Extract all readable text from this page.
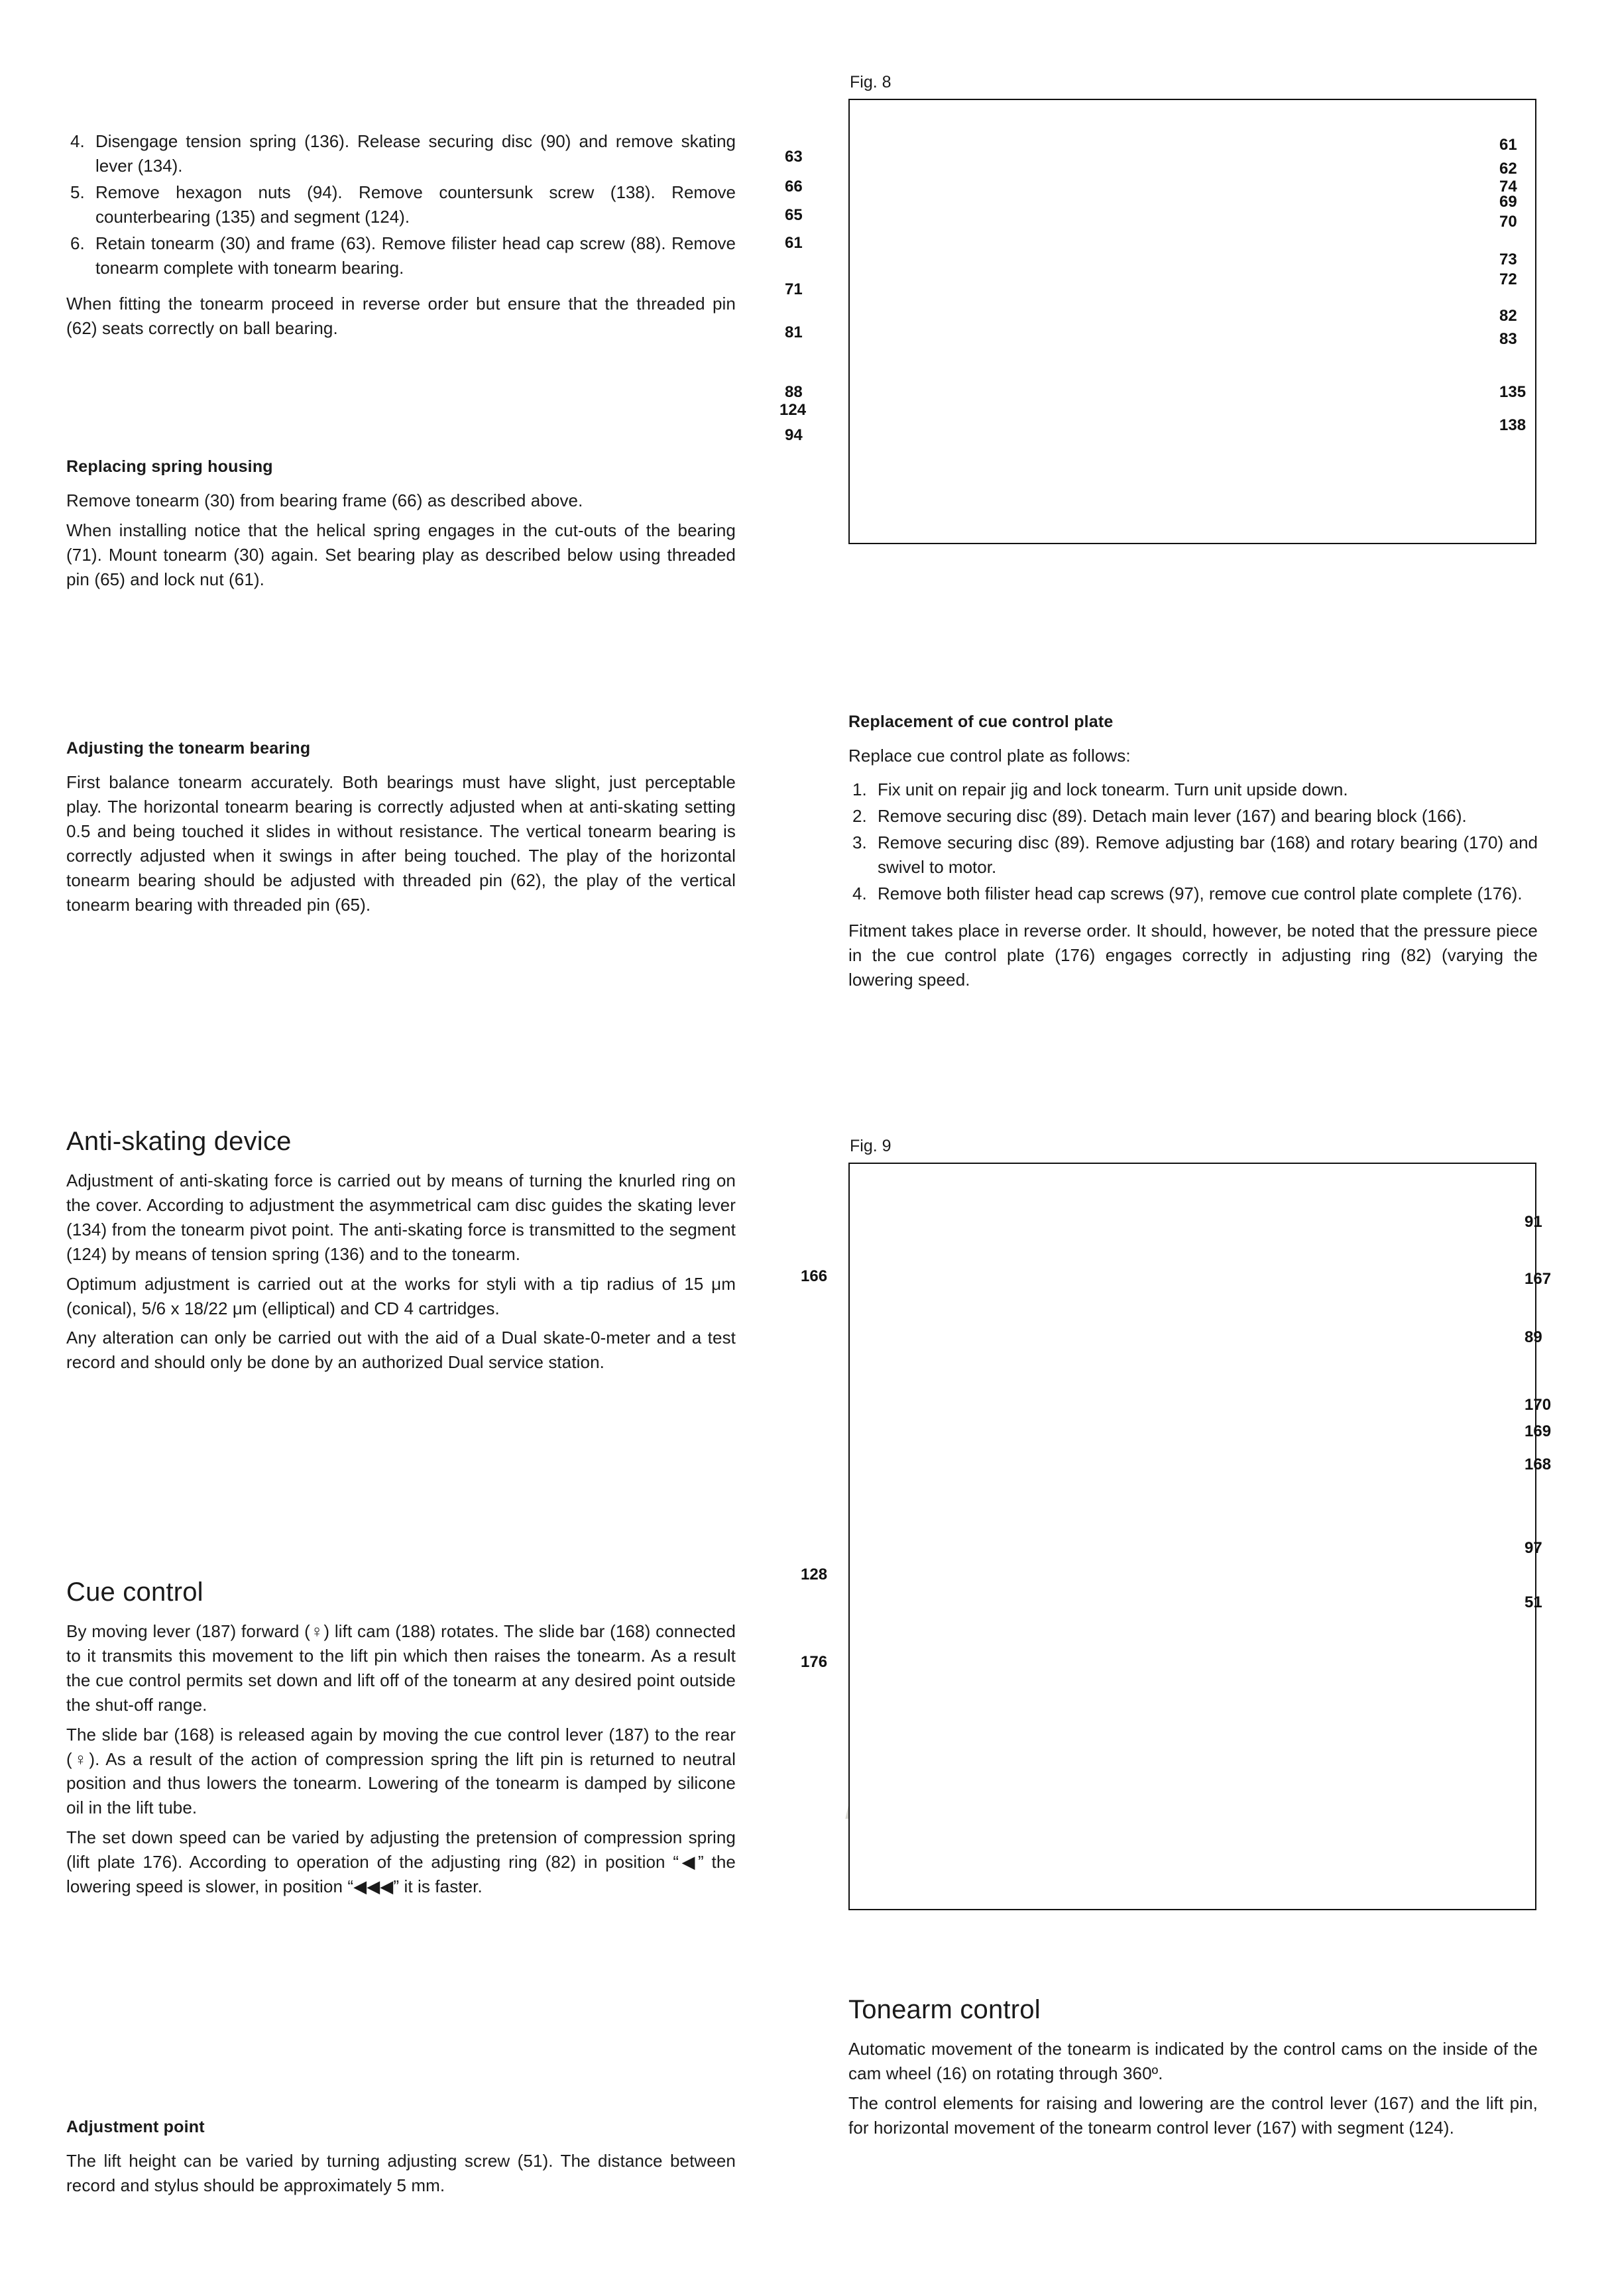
4. Disengage tension spring (136). Release securing disc (90) and remove skating lever (134).
5. Remove hexagon nuts (94). Remove countersunk screw (138). Remove counterbearing (135) and segment (124).
6. Retain tonearm (30) and frame (63). Remove filister head cap screw (88). Remove tonearm complete with tonearm bearing.

When fitting the tonearm proceed in reverse order but ensure that the threaded pin (62) seats correctly on ball bearing.

Replacing spring housing

Remove tonearm (30) from bearing frame (66) as described above.

When installing notice that the helical spring engages in the cut-outs of the bearing (71). Mount tonearm (30) again. Set bearing play as described below using threaded pin (65) and lock nut (61).

Adjusting the tonearm bearing

First balance tonearm accurately. Both bearings must have slight, just perceptable play. The horizontal tonearm bearing is correctly adjusted when at anti-skating setting 0.5 and being touched it slides in without resistance. The vertical tonearm bearing is correctly adjusted when it swings in after being touched. The play of the horizontal tonearm bearing should be adjusted with threaded pin (62), the play of the vertical tonearm bearing with threaded pin (65).

Anti-skating device

Adjustment of anti-skating force is carried out by means of turning the knurled ring on the cover. According to adjustment the asymmetrical cam disc guides the skating lever (134) from the tonearm pivot point. The anti-skating force is transmitted to the segment (124) by means of tension spring (136) and to the tonearm.

Optimum adjustment is carried out at the works for styli with a tip radius of 15 μm (conical), 5/6 x 18/22 μm (elliptical) and CD 4 cartridges.

Any alteration can only be carried out with the aid of a Dual skate-0-meter and a test record and should only be done by an authorized Dual service station.

Cue control

By moving lever (187) forward (♀) lift cam (188) rotates. The slide bar (168) connected to it transmits this movement to the lift pin which then raises the tonearm. As a result the cue control permits set down and lift off of the tonearm at any desired point outside the shut-off range.

The slide bar (168) is released again by moving the cue control lever (187) to the rear (♀). As a result of the action of compression spring the lift pin is returned to neutral position and thus lowers the tonearm. Lowering of the tonearm is damped by silicone oil in the lift tube.

The set down speed can be varied by adjusting the pretension of compression spring (lift plate 176). According to operation of the adjusting ring (82) in position “◀” the lowering speed is slower, in position “◀◀◀” it is faster.

Adjustment point

The lift height can be varied by turning adjusting screw (51). The distance between record and stylus should be approximately 5 mm.

Fig. 8
63
66
65
61
71
81
88
124
94
61
62
74
69
70
73
72
82
83
135
138
Replacement of cue control plate

Replace cue control plate as follows:

1. Fix unit on repair jig and lock tonearm. Turn unit upside down.
2. Remove securing disc (89). Detach main lever (167) and bearing block (166).
3. Remove securing disc (89). Remove adjusting bar (168) and rotary bearing (170) and swivel to motor.
4. Remove both filister head cap screws (97), remove cue control plate complete (176).

Fitment takes place in reverse order. It should, however, be noted that the pressure piece in the cue control plate (176) engages correctly in adjusting ring (82) (varying the lowering speed.

Fig. 9
166
128
176
91
167
89
170
169
168
97
51
Tonearm control

Automatic movement of the tonearm is indicated by the control cams on the inside of the cam wheel (16) on rotating through 360º.

The control elements for raising and lowering are the control lever (167) and the lift pin, for horizontal movement of the tonearm control lever (167) with segment (124).
